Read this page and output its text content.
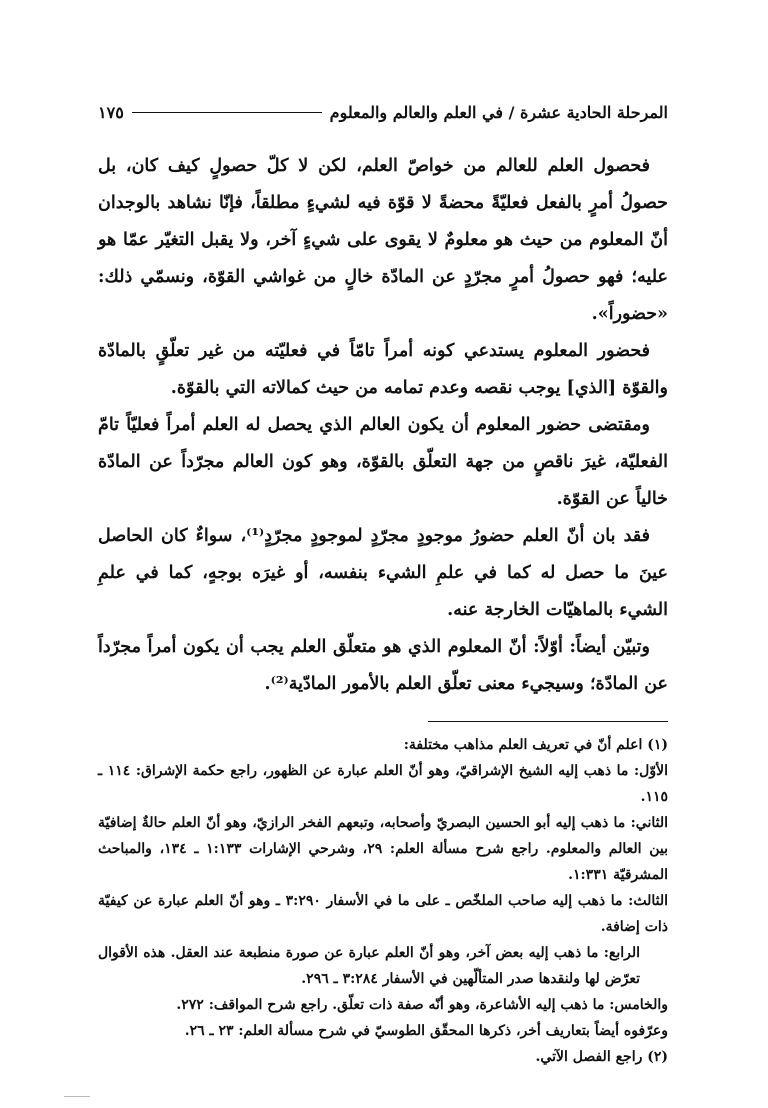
المرحلة الحادية عشرة / في العلم والعالم والمعلوم
١٧٥

فحصول العلم للعالم من خواصّ العلم، لكن لا كلّ حصولٍ كيف كان، بل حصولُ أمرٍ بالفعل فعليّةً محضةً لا قوّة فيه لشيءٍ مطلقاً، فإنّا نشاهد بالوجدان أنّ المعلوم من حيث هو معلومٌ لا يقوى على شيءٍ آخر، ولا يقبل التغيّر عمّا هو عليه؛ فهو حصولُ أمرٍ مجرّدٍ عن المادّة خالٍ من غواشي القوّة، ونسمّي ذلك: «حضوراً».

فحضور المعلوم يستدعي كونه أمراً تامّاً في فعليّته من غير تعلّقٍ بالمادّة والقوّة [الذي] يوجب نقصه وعدم تمامه من حيث كمالاته التي بالقوّة.

ومقتضى حضور المعلوم أن يكون العالم الذي يحصل له العلم أمراً فعليّاً تامّ الفعليّة، غيرَ ناقصٍ من جهة التعلّق بالقوّة، وهو كون العالم مجرّداً عن المادّة خالياً عن القوّة.

فقد بان أنّ العلم حضورُ موجودٍ مجرّدٍ لموجودٍ مجرّدٍ⁽¹⁾، سواءٌ كان الحاصل عينَ ما حصل له كما في علمِ الشيء بنفسه، أو غيرَه بوجهٍ، كما في علمِ الشيء بالماهيّات الخارجة عنه.

وتبيّن أيضاً: أوّلاً: أنّ المعلوم الذي هو متعلّق العلم يجب أن يكون أمراً مجرّداً عن المادّة؛ وسيجيء معنى تعلّق العلم بالأمور المادّية⁽²⁾.

(١) اعلم أنّ في تعريف العلم مذاهب مختلفة:

الأوّل: ما ذهب إليه الشيخ الإشراقيّ، وهو أنّ العلم عبارة عن الظهور، راجع حكمة الإشراق: ١١٤ ـ ١١٥.

الثاني: ما ذهب إليه أبو الحسين البصريّ وأصحابه، وتبعهم الفخر الرازيّ، وهو أنّ العلم حالةٌ إضافيّة بين العالم والمعلوم. راجع شرح مسألة العلم: ٢٩، وشرحي الإشارات ١:١٣٣ ـ ١٣٤، والمباحث المشرقيّة ١:٣٣١.

الثالث: ما ذهب إليه صاحب الملخّص ـ على ما في الأسفار ٣:٢٩٠ ـ وهو أنّ العلم عبارة عن كيفيّة ذات إضافة.

الرابع: ما ذهب إليه بعض آخر، وهو أنّ العلم عبارة عن صورة منطبعة عند العقل. هذه الأقوال تعرّض لها ولنقدها صدر المتألّهين في الأسفار ٣:٢٨٤ ـ ٢٩٦.

والخامس: ما ذهب إليه الأشاعرة، وهو أنّه صفة ذات تعلّق. راجع شرح المواقف: ٢٧٢.

وعرّفوه أيضاً بتعاريف أخر، ذكرها المحقّق الطوسيّ في شرح مسألة العلم: ٢٣ ـ ٢٦.

(٢) راجع الفصل الآتي.
